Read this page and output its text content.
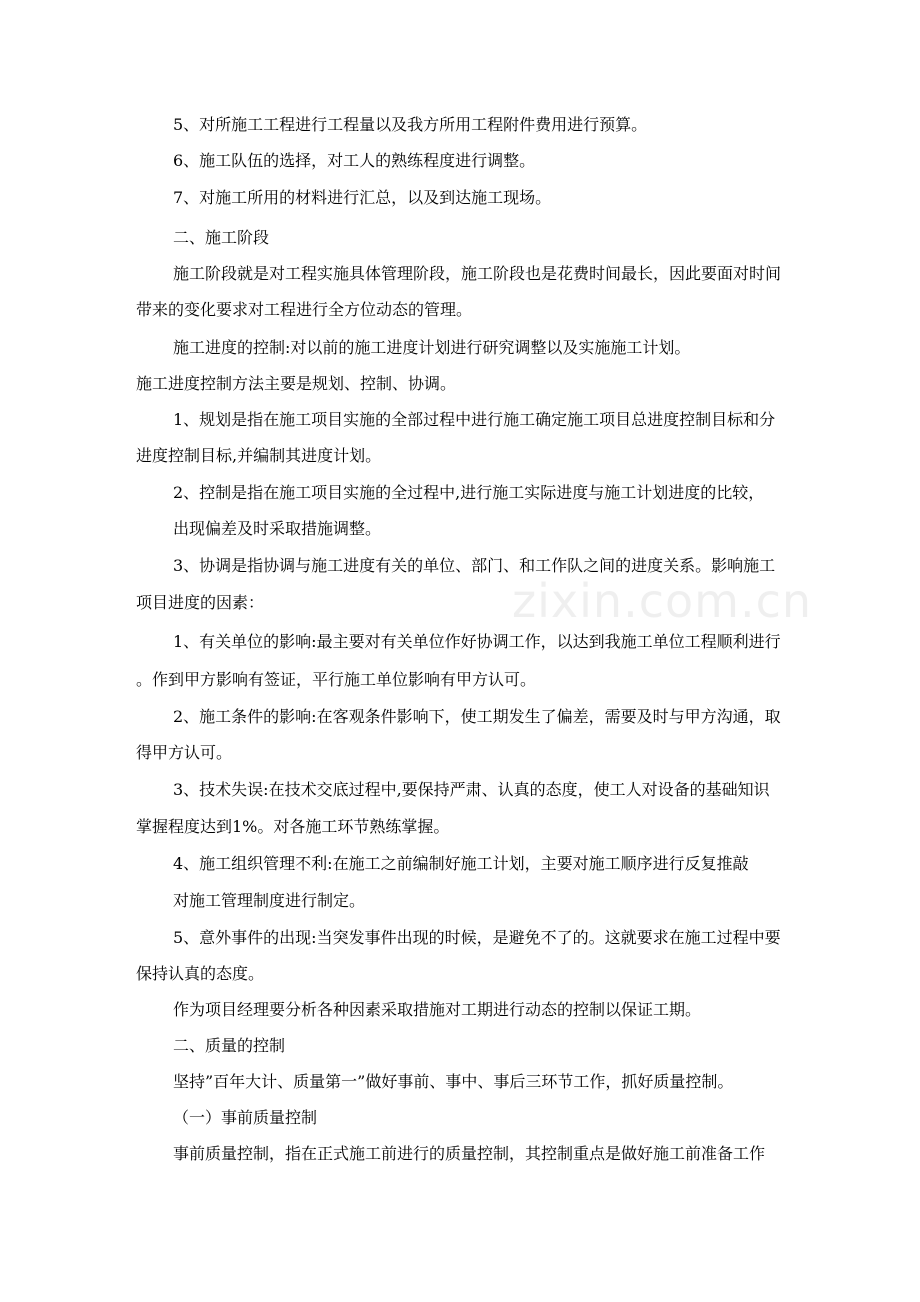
zixin.com.cn
5、对所施工工程进行工程量以及我方所用工程附件费用进行预算。
6、施工队伍的选择，对工人的熟练程度进行调整。
7、对施工所用的材料进行汇总，以及到达施工现场。
二、施工阶段
施工阶段就是对工程实施具体管理阶段，施工阶段也是花费时间最长，因此要面对时间
带来的变化要求对工程进行全方位动态的管理。
施工进度的控制:对以前的施工进度计划进行研究调整以及实施施工计划。
施工进度控制方法主要是规划、控制、协调。
1、规划是指在施工项目实施的全部过程中进行施工确定施工项目总进度控制目标和分
进度控制目标,并编制其进度计划。
2、控制是指在施工项目实施的全过程中,进行施工实际进度与施工计划进度的比较，
出现偏差及时采取措施调整。
3、协调是指协调与施工进度有关的单位、部门、和工作队之间的进度关系。影响施工
项目进度的因素：
1、有关单位的影响:最主要对有关单位作好协调工作，以达到我施工单位工程顺利进行
。作到甲方影响有签证，平行施工单位影响有甲方认可。
2、施工条件的影响:在客观条件影响下，使工期发生了偏差，需要及时与甲方沟通，取
得甲方认可。
3、技术失误:在技术交底过程中,要保持严肃、认真的态度，使工人对设备的基础知识
掌握程度达到1%。对各施工环节熟练掌握。
4、施工组织管理不利:在施工之前编制好施工计划，主要对施工顺序进行反复推敲
对施工管理制度进行制定。
5、意外事件的出现:当突发事件出现的时候，是避免不了的。这就要求在施工过程中要
保持认真的态度。
作为项目经理要分析各种因素采取措施对工期进行动态的控制以保证工期。
二、质量的控制
坚持”百年大计、质量第一”做好事前、事中、事后三环节工作，抓好质量控制。
（一）事前质量控制
事前质量控制，指在正式施工前进行的质量控制，其控制重点是做好施工前准备工作
